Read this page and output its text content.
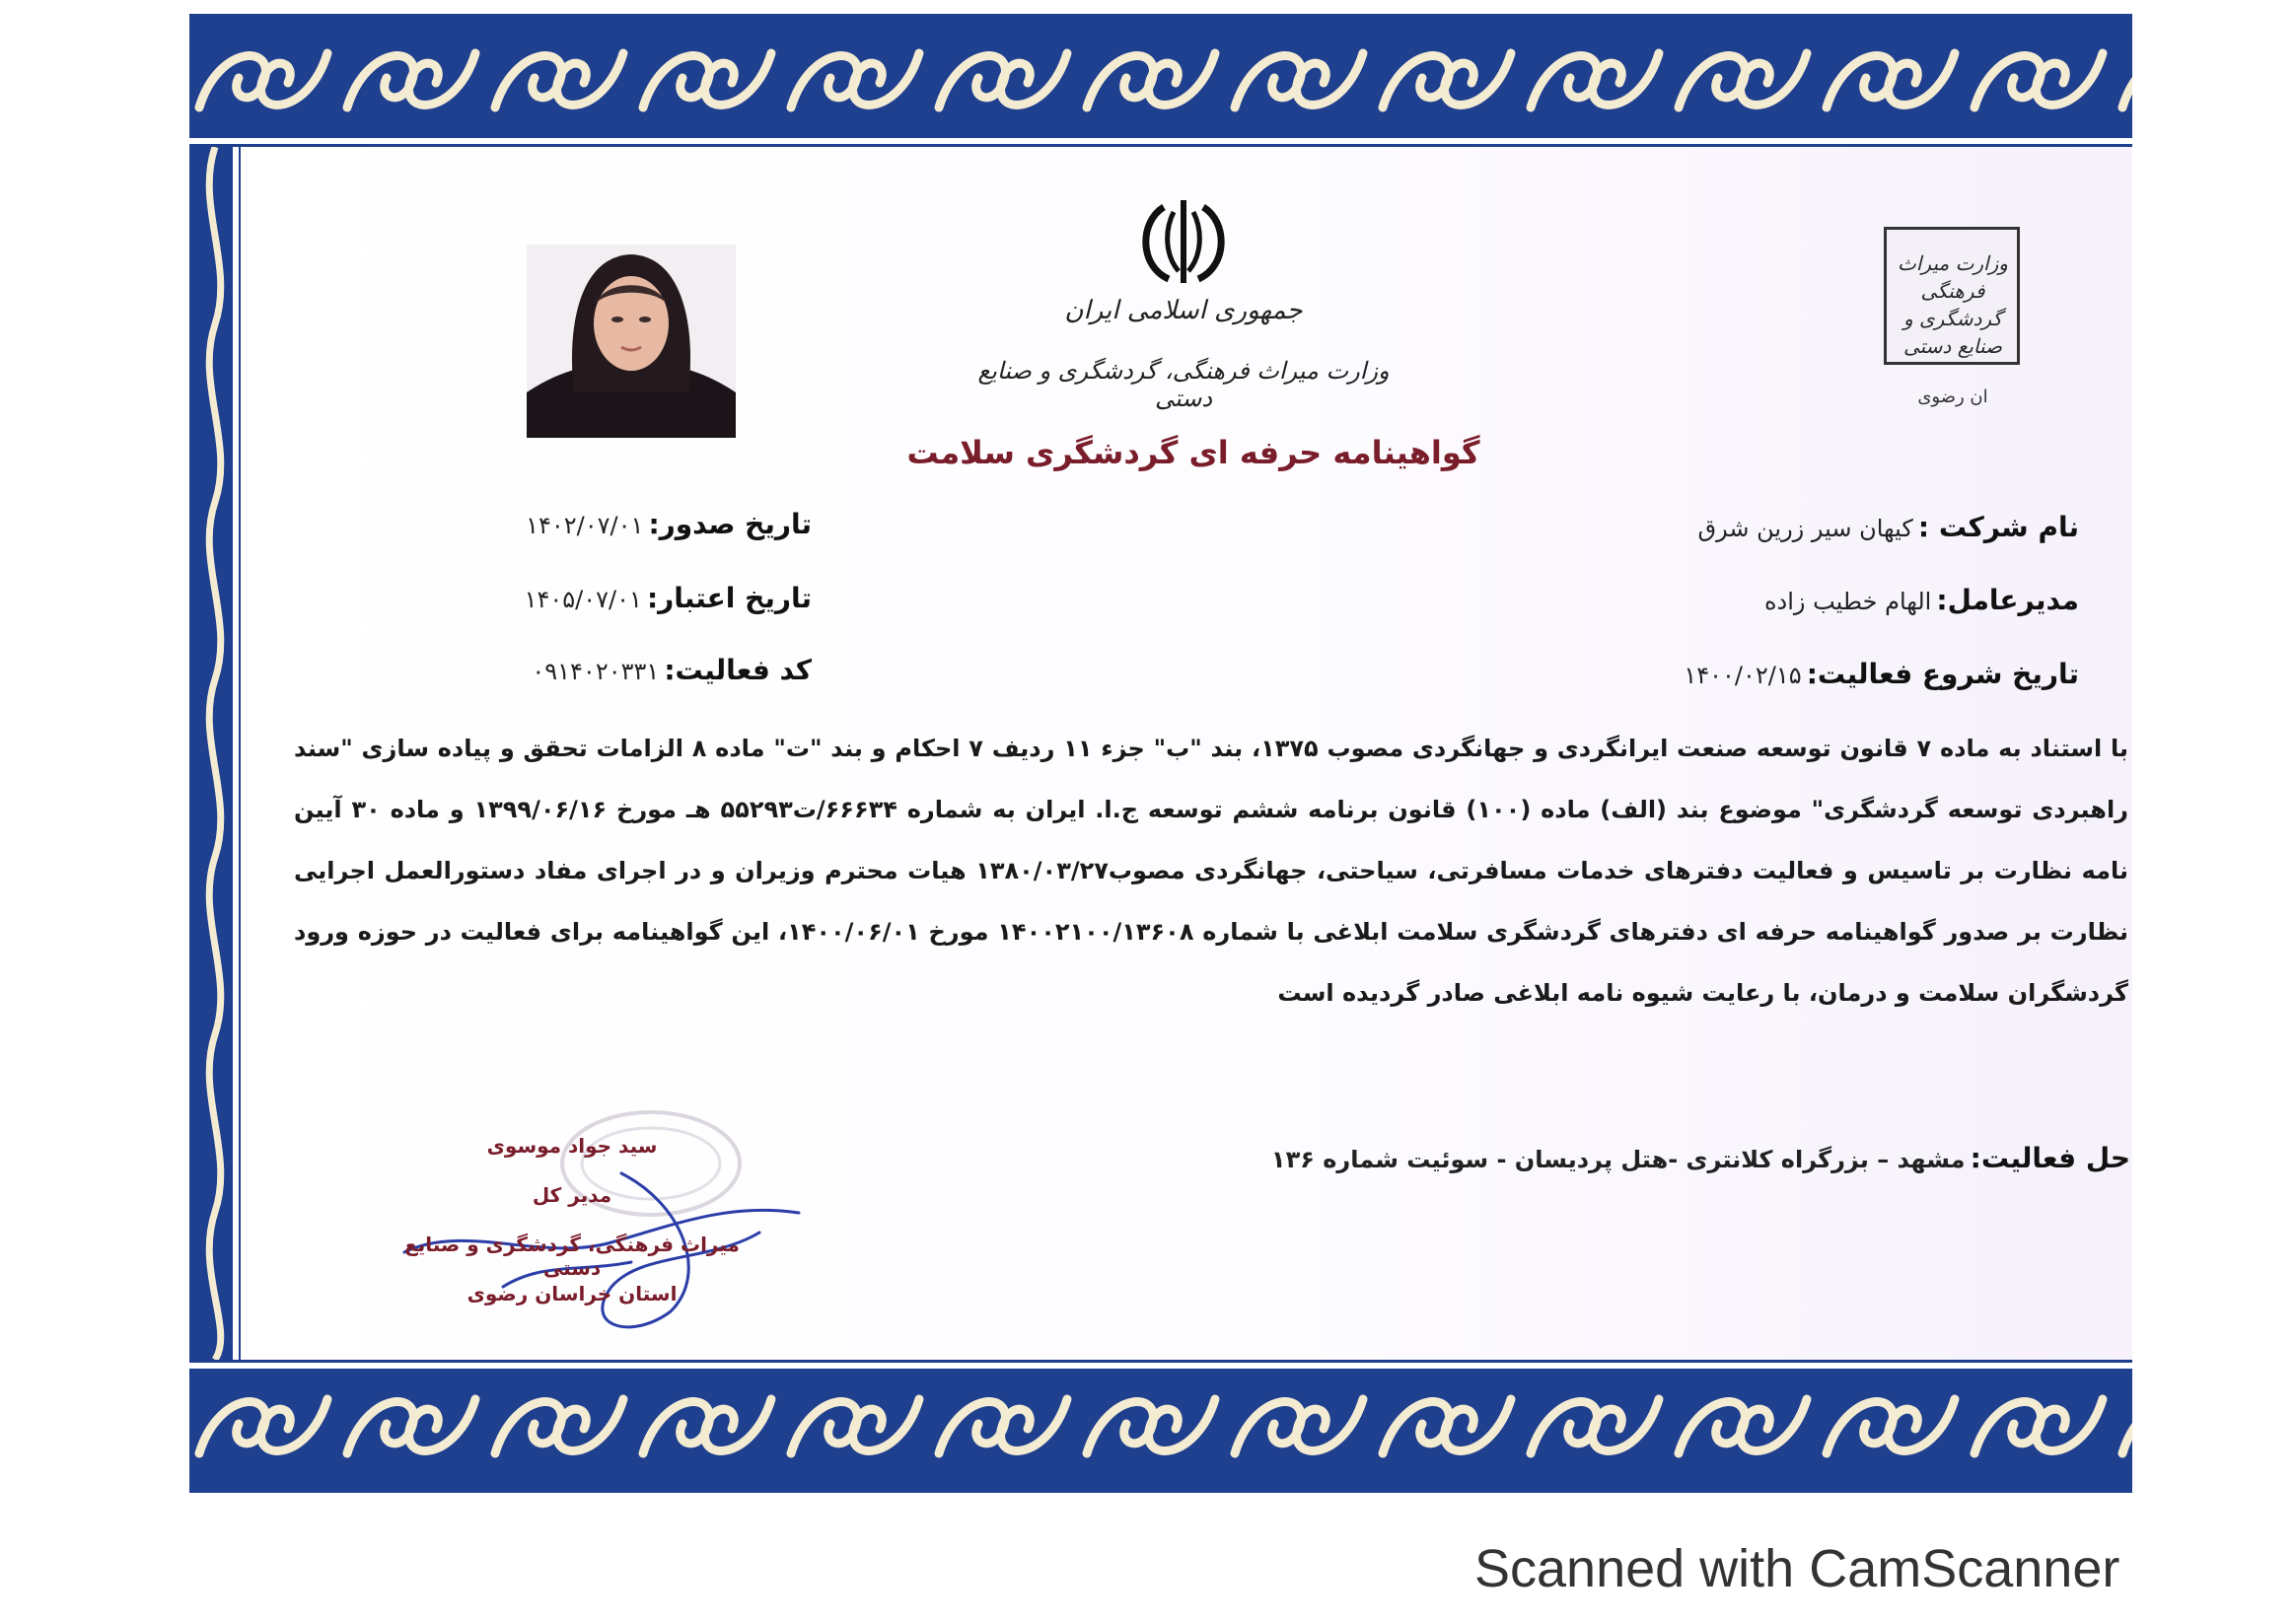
جمهوری اسلامی ایران
وزارت میراث فرهنگی، گردشگری و صنایع دستی
وزارت میراث فرهنگی گردشگری و صنایع دستی
ان رضوی
گواهینامه حرفه ای گردشگری سلامت
تاریخ صدور: ۱۴۰۲/۰۷/۰۱
تاریخ اعتبار: ۱۴۰۵/۰۷/۰۱
کد فعالیت: ۰۹۱۴۰۲۰۳۳۱
نام شرکت : کیهان سیر زرین شرق
مدیرعامل: الهام خطیب زاده
تاریخ شروع فعالیت: ۱۴۰۰/۰۲/۱۵
با استناد به ماده ۷ قانون توسعه صنعت ایرانگردی و جهانگردی مصوب ۱۳۷۵، بند "ب" جزء ۱۱ ردیف ۷ احکام و بند "ت" ماده ۸ الزامات تحقق و پیاده سازی "سند راهبردی توسعه گردشگری" موضوع بند (الف) ماده (۱۰۰) قانون برنامه ششم توسعه ج.ا. ایران به شماره ۶۶۶۳۴/ت۵۵۲۹۳ هـ مورخ ۱۳۹۹/۰۶/۱۶ و ماده ۳۰ آیین نامه نظارت بر تاسیس و فعالیت دفترهای خدمات مسافرتی، سیاحتی، جهانگردی مصوب۱۳۸۰/۰۳/۲۷ هیات محترم وزیران و در اجرای مفاد دستورالعمل اجرایی نظارت بر صدور گواهینامه حرفه ای دفترهای گردشگری سلامت ابلاغی با شماره ۱۴۰۰۲۱۰۰/۱۳۶۰۸ مورخ ۱۴۰۰/۰۶/۰۱، این گواهینامه برای فعالیت در حوزه ورود گردشگران سلامت و درمان، با رعایت شیوه نامه ابلاغی صادر گردیده است
حل فعالیت: مشهد – بزرگراه کلانتری -هتل پردیسان - سوئیت شماره ۱۳۶
سید جواد موسوی
مدیر کل
میراث فرهنگی، گردشگری و صنایع دستی
استان خراسان رضوی
Scanned with CamScanner
